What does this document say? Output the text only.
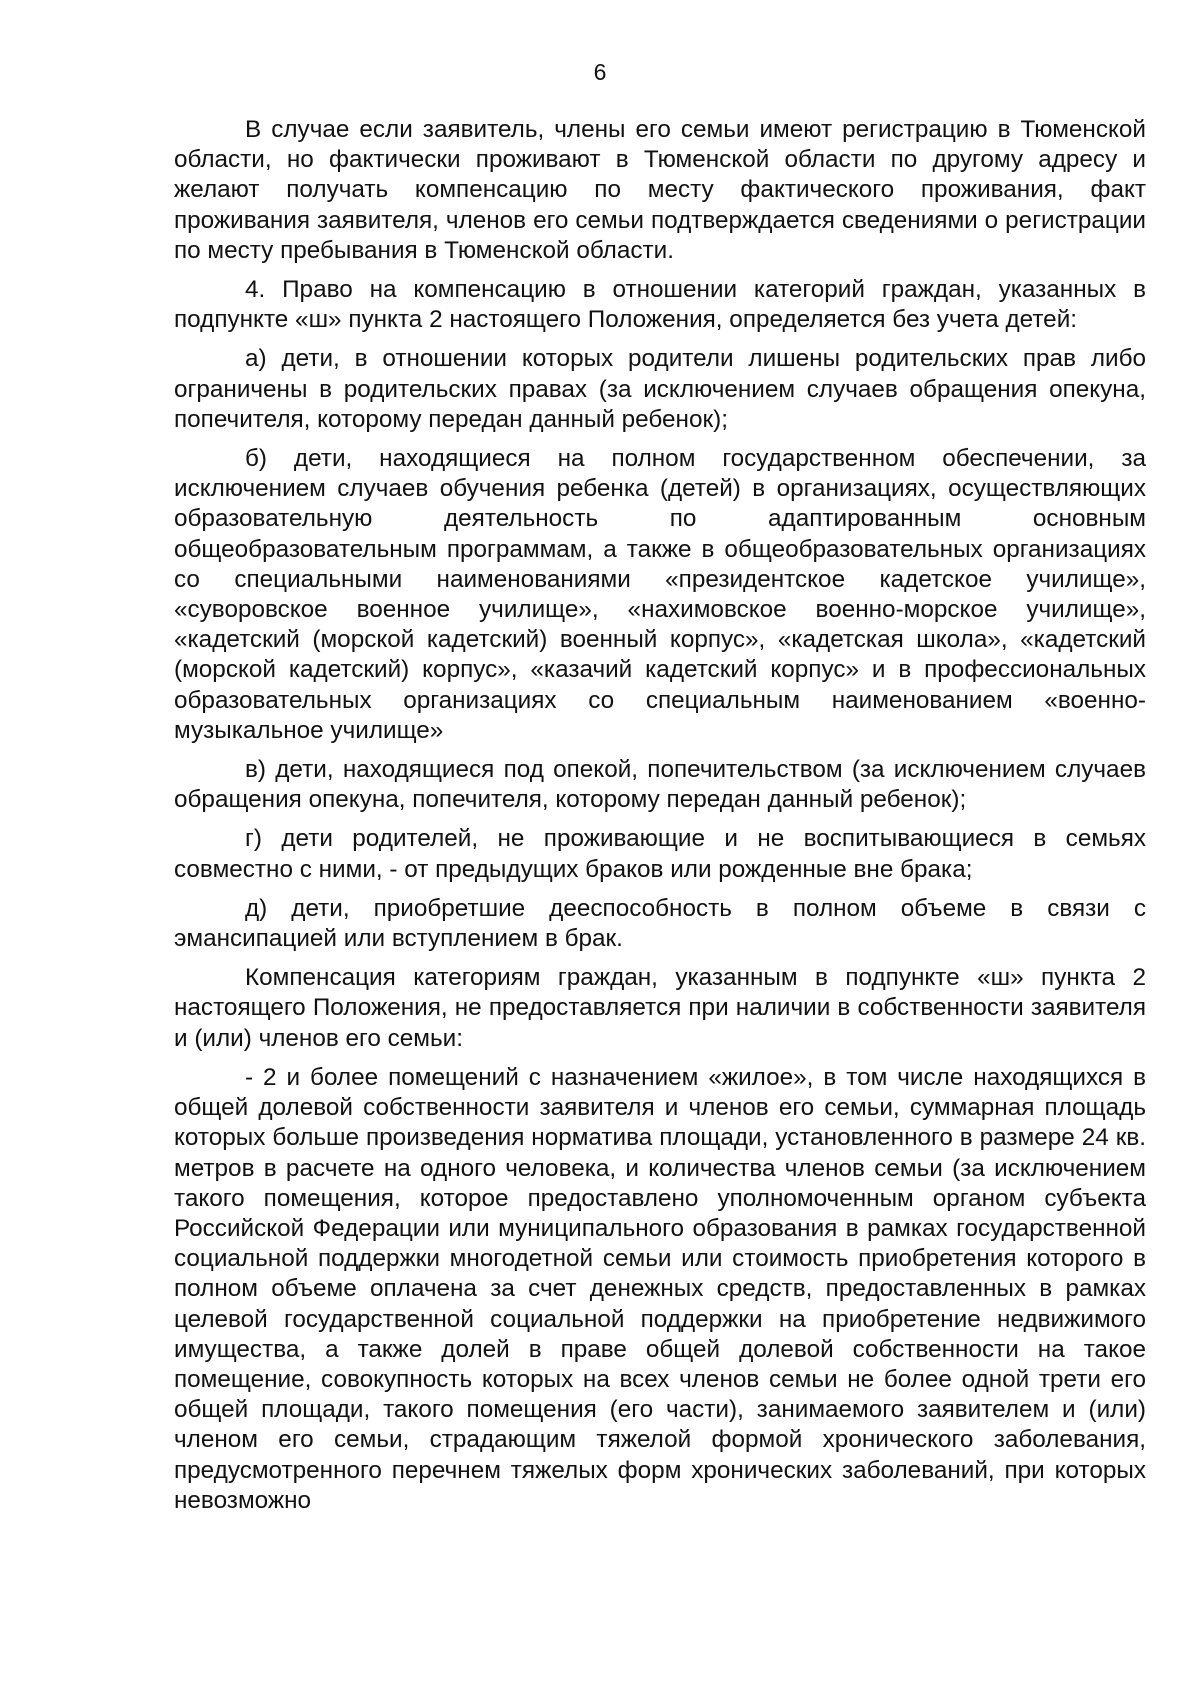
6

В случае если заявитель, члены его семьи имеют регистрацию в Тюменской области, но фактически проживают в Тюменской области по другому адресу и желают получать компенсацию по месту фактического проживания, факт проживания заявителя, членов его семьи подтверждается сведениями о регистрации по месту пребывания в Тюменской области.

4. Право на компенсацию в отношении категорий граждан, указанных в подпункте «ш» пункта 2 настоящего Положения, определяется без учета детей:

а) дети, в отношении которых родители лишены родительских прав либо ограничены в родительских правах (за исключением случаев обращения опекуна, попечителя, которому передан данный ребенок);

б) дети, находящиеся на полном государственном обеспечении, за исключением случаев обучения ребенка (детей) в организациях, осуществляющих образовательную деятельность по адаптированным основным общеобразовательным программам, а также в общеобразовательных организациях со специальными наименованиями «президентское кадетское училище», «суворовское военное училище», «нахимовское военно-морское училище», «кадетский (морской кадетский) военный корпус», «кадетская школа», «кадетский (морской кадетский) корпус», «казачий кадетский корпус» и в профессиональных образовательных организациях со специальным наименованием «военно-музыкальное училище»

в) дети, находящиеся под опекой, попечительством (за исключением случаев обращения опекуна, попечителя, которому передан данный ребенок);

г) дети родителей, не проживающие и не воспитывающиеся в семьях совместно с ними, - от предыдущих браков или рожденные вне брака;

д) дети, приобретшие дееспособность в полном объеме в связи с эмансипацией или вступлением в брак.

Компенсация категориям граждан, указанным в подпункте «ш» пункта 2 настоящего Положения, не предоставляется при наличии в собственности заявителя и (или) членов его семьи:

- 2 и более помещений с назначением «жилое», в том числе находящихся в общей долевой собственности заявителя и членов его семьи, суммарная площадь которых больше произведения норматива площади, установленного в размере 24 кв. метров в расчете на одного человека, и количества членов семьи (за исключением такого помещения, которое предоставлено уполномоченным органом субъекта Российской Федерации или муниципального образования в рамках государственной социальной поддержки многодетной семьи или стоимость приобретения которого в полном объеме оплачена за счет денежных средств, предоставленных в рамках целевой государственной социальной поддержки на приобретение недвижимого имущества, а также долей в праве общей долевой собственности на такое помещение, совокупность которых на всех членов семьи не более одной трети его общей площади, такого помещения (его части), занимаемого заявителем и (или) членом его семьи, страдающим тяжелой формой хронического заболевания, предусмотренного перечнем тяжелых форм хронических заболеваний, при которых невозможно
